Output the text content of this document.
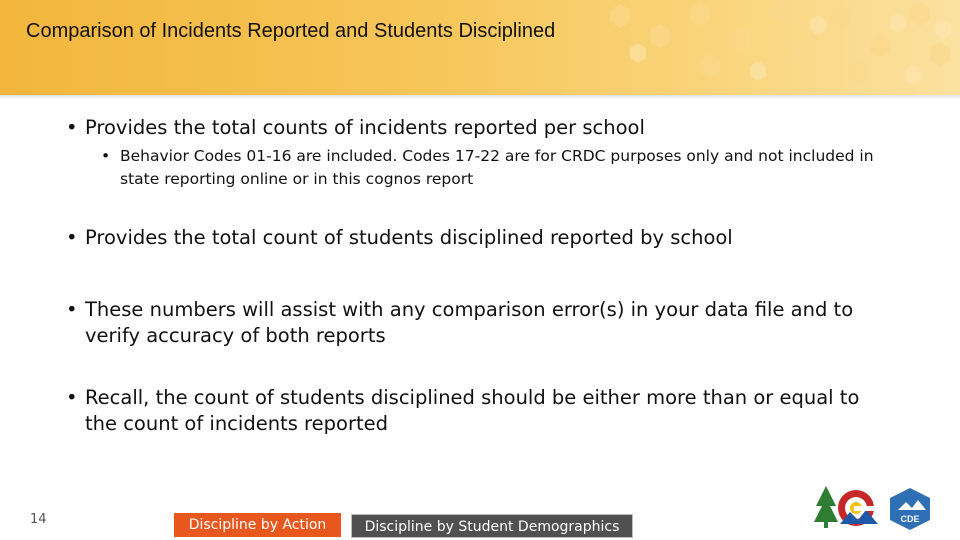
Comparison of Incidents Reported and Students Disciplined
• Provides the total counts of incidents reported per school
• Behavior Codes 01-16 are included. Codes 17-22 are for CRDC purposes only and not included in state reporting online or in this cognos report
• Provides the total count of students disciplined reported by school
• These numbers will assist with any comparison error(s) in your data file and to verify accuracy of both reports
• Recall, the count of students disciplined should be either more than or equal to the count of incidents reported
14	Discipline by Action	Discipline by Student Demographics	CDE
